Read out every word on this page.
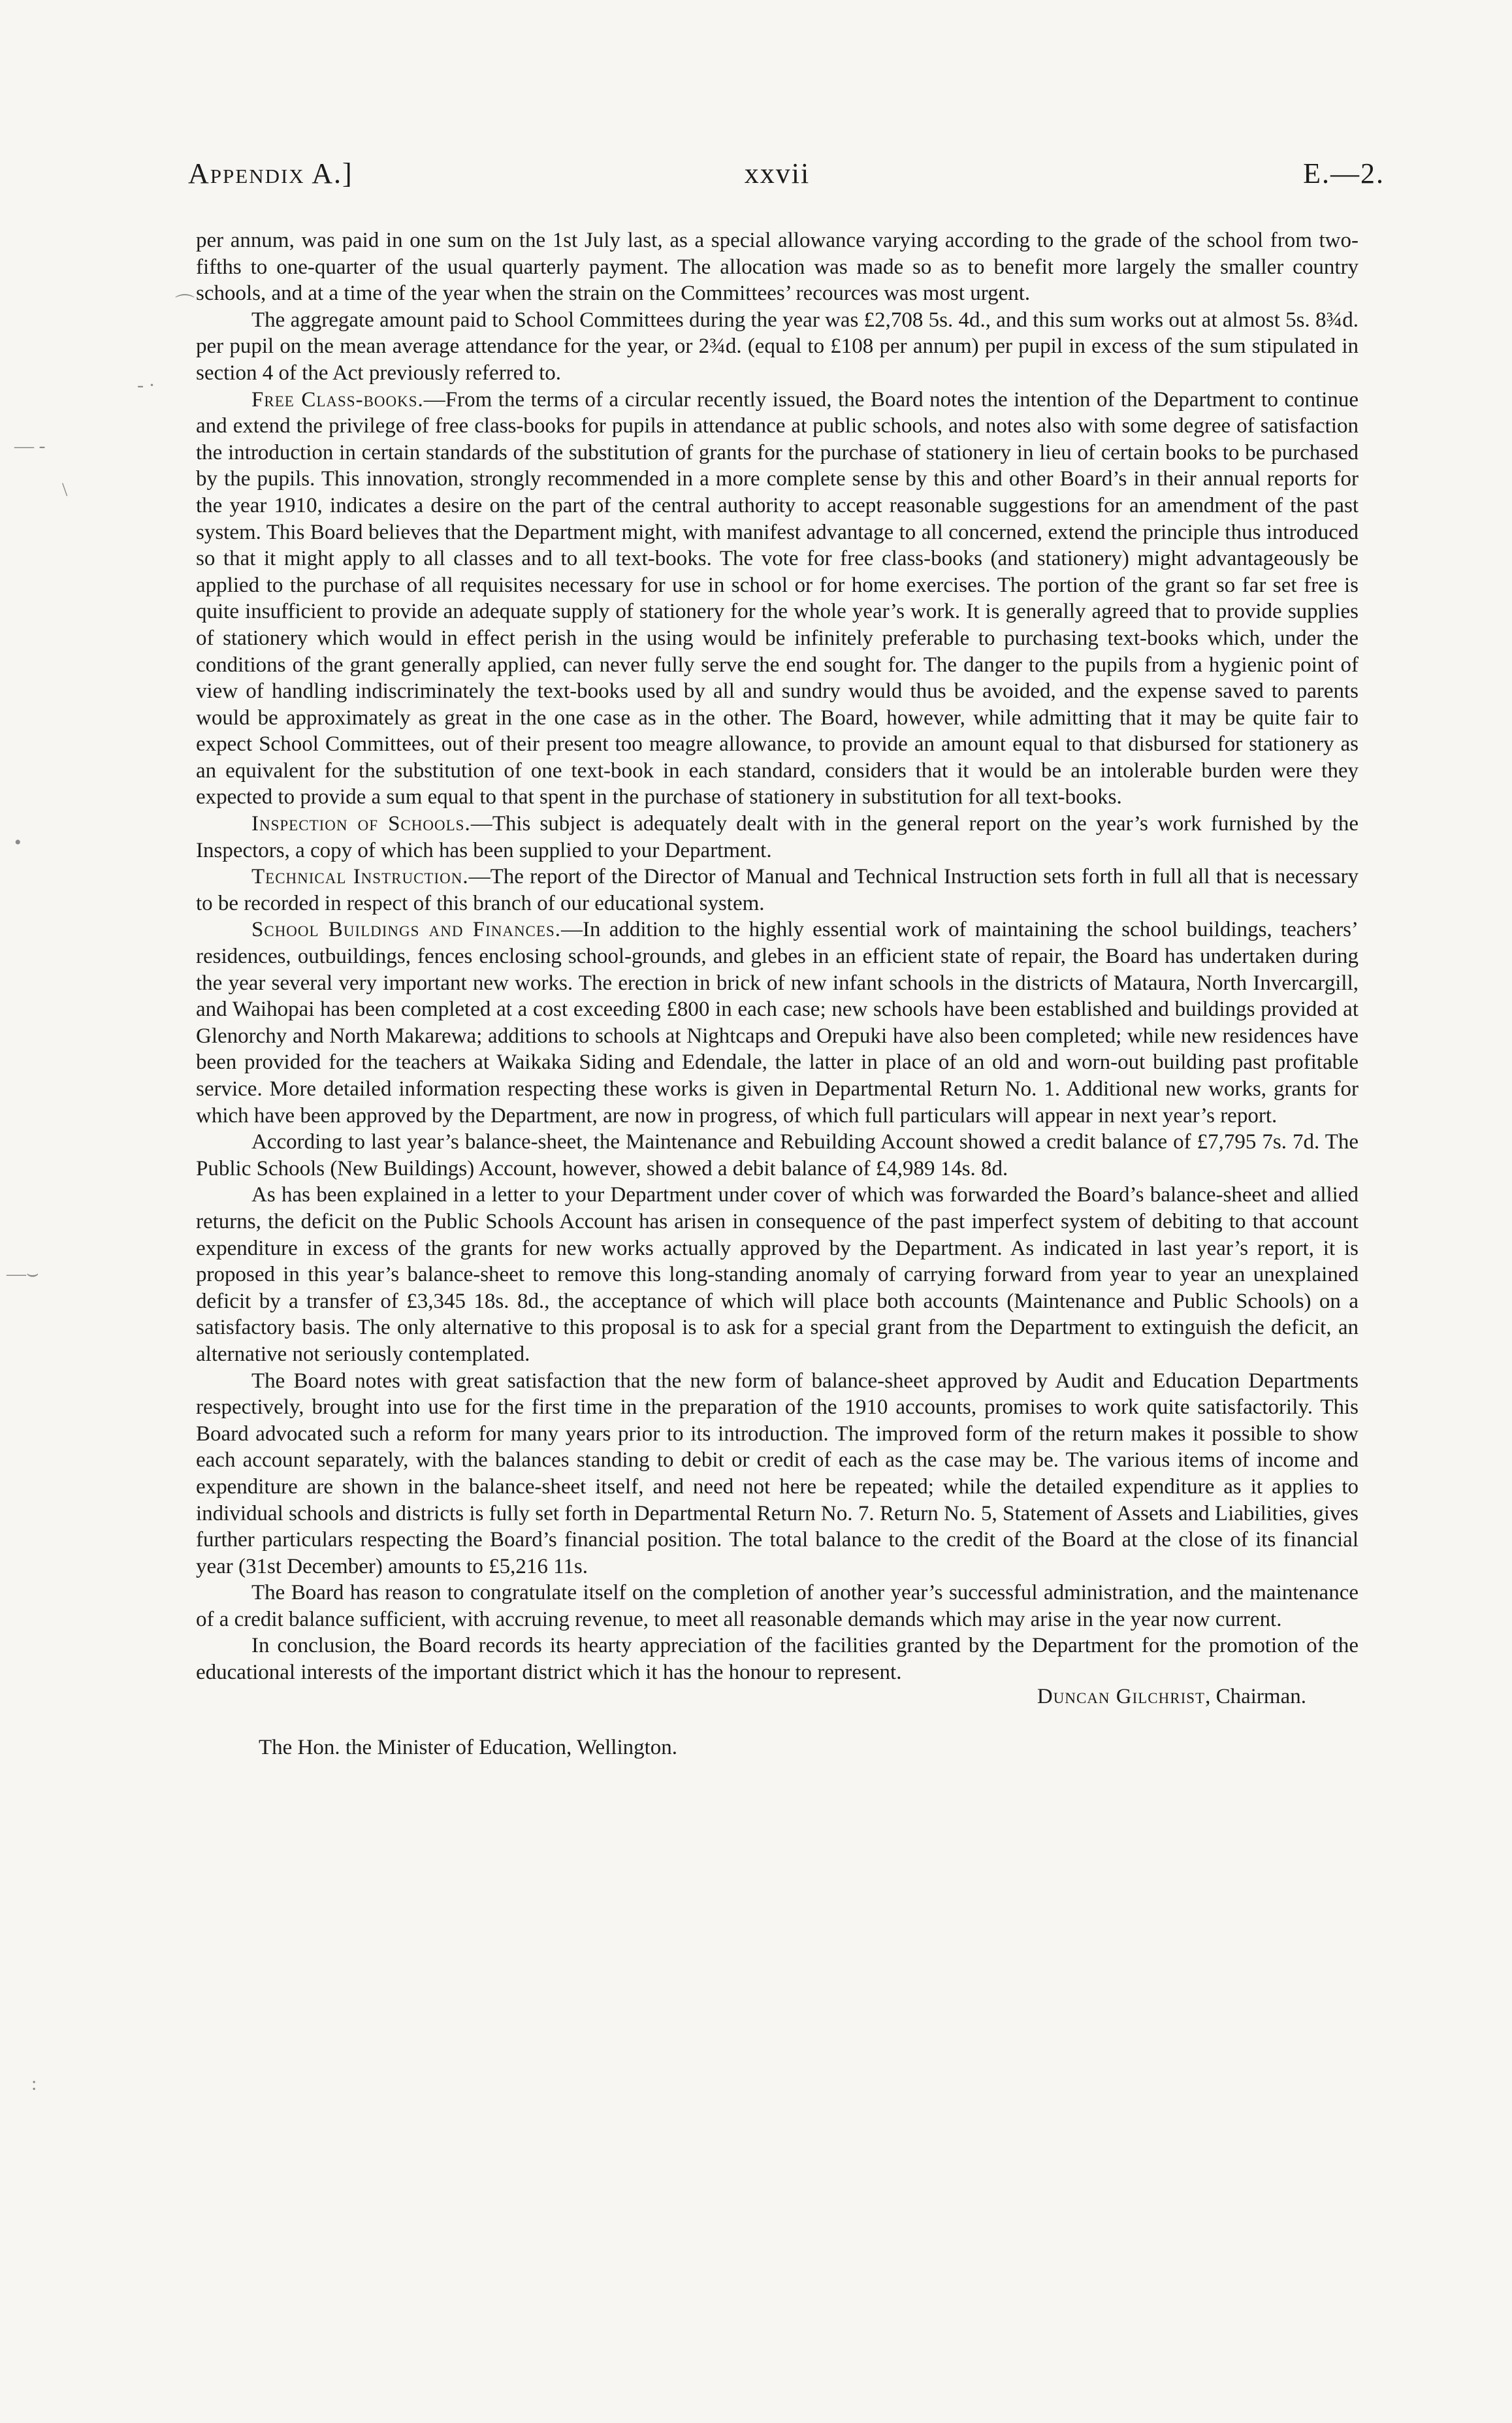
Appendix A.]	xxvii	E.—2.

per annum, was paid in one sum on the 1st July last, as a special allowance varying according to the grade of the school from two-fifths to one-quarter of the usual quarterly payment. The allocation was made so as to benefit more largely the smaller country schools, and at a time of the year when the strain on the Committees’ recources was most urgent.

The aggregate amount paid to School Committees during the year was £2,708 5s. 4d., and this sum works out at almost 5s. 8¾d. per pupil on the mean average attendance for the year, or 2¾d. (equal to £108 per annum) per pupil in excess of the sum stipulated in section 4 of the Act previously referred to.

Free Class-books.—From the terms of a circular recently issued, the Board notes the intention of the Department to continue and extend the privilege of free class-books for pupils in attendance at public schools, and notes also with some degree of satisfaction the introduction in certain standards of the substitution of grants for the purchase of stationery in lieu of certain books to be purchased by the pupils. This innovation, strongly recommended in a more complete sense by this and other Board’s in their annual reports for the year 1910, indicates a desire on the part of the central authority to accept reasonable suggestions for an amendment of the past system. This Board believes that the Department might, with manifest advantage to all concerned, extend the principle thus introduced so that it might apply to all classes and to all text-books. The vote for free class-books (and stationery) might advantageously be applied to the purchase of all requisites necessary for use in school or for home exercises. The portion of the grant so far set free is quite insufficient to provide an adequate supply of stationery for the whole year’s work. It is generally agreed that to provide supplies of stationery which would in effect perish in the using would be infinitely preferable to purchasing text-books which, under the conditions of the grant generally applied, can never fully serve the end sought for. The danger to the pupils from a hygienic point of view of handling indiscriminately the text-books used by all and sundry would thus be avoided, and the expense saved to parents would be approximately as great in the one case as in the other. The Board, however, while admitting that it may be quite fair to expect School Committees, out of their present too meagre allowance, to provide an amount equal to that disbursed for stationery as an equivalent for the substitution of one text-book in each standard, considers that it would be an intolerable burden were they expected to provide a sum equal to that spent in the purchase of stationery in substitution for all text-books.

Inspection of Schools.—This subject is adequately dealt with in the general report on the year’s work furnished by the Inspectors, a copy of which has been supplied to your Department.

Technical Instruction.—The report of the Director of Manual and Technical Instruction sets forth in full all that is necessary to be recorded in respect of this branch of our educational system.

School Buildings and Finances.—In addition to the highly essential work of maintaining the school buildings, teachers’ residences, outbuildings, fences enclosing school-grounds, and glebes in an efficient state of repair, the Board has undertaken during the year several very important new works. The erection in brick of new infant schools in the districts of Mataura, North Invercargill, and Waihopai has been completed at a cost exceeding £800 in each case; new schools have been established and buildings provided at Glenorchy and North Makarewa; additions to schools at Nightcaps and Orepuki have also been completed; while new residences have been provided for the teachers at Waikaka Siding and Edendale, the latter in place of an old and worn-out building past profitable service. More detailed information respecting these works is given in Departmental Return No. 1. Additional new works, grants for which have been approved by the Department, are now in progress, of which full particulars will appear in next year’s report.

According to last year’s balance-sheet, the Maintenance and Rebuilding Account showed a credit balance of £7,795 7s. 7d. The Public Schools (New Buildings) Account, however, showed a debit balance of £4,989 14s. 8d.

As has been explained in a letter to your Department under cover of which was forwarded the Board’s balance-sheet and allied returns, the deficit on the Public Schools Account has arisen in consequence of the past imperfect system of debiting to that account expenditure in excess of the grants for new works actually approved by the Department. As indicated in last year’s report, it is proposed in this year’s balance-sheet to remove this long-standing anomaly of carrying forward from year to year an unexplained deficit by a transfer of £3,345 18s. 8d., the acceptance of which will place both accounts (Maintenance and Public Schools) on a satisfactory basis. The only alternative to this proposal is to ask for a special grant from the Department to extinguish the deficit, an alternative not seriously contemplated.

The Board notes with great satisfaction that the new form of balance-sheet approved by Audit and Education Departments respectively, brought into use for the first time in the preparation of the 1910 accounts, promises to work quite satisfactorily. This Board advocated such a reform for many years prior to its introduction. The improved form of the return makes it possible to show each account separately, with the balances standing to debit or credit of each as the case may be. The various items of income and expenditure are shown in the balance-sheet itself, and need not here be repeated; while the detailed expenditure as it applies to individual schools and districts is fully set forth in Departmental Return No. 7. Return No. 5, Statement of Assets and Liabilities, gives further particulars respecting the Board’s financial position. The total balance to the credit of the Board at the close of its financial year (31st December) amounts to £5,216 11s.

The Board has reason to congratulate itself on the completion of another year’s successful administration, and the maintenance of a credit balance sufficient, with accruing revenue, to meet all reasonable demands which may arise in the year now current.

In conclusion, the Board records its hearty appreciation of the facilities granted by the Department for the promotion of the educational interests of the important district which it has the honour to represent.

Duncan Gilchrist, Chairman.
The Hon. the Minister of Education, Wellington.
⌒
- ·
— -
\
•
—⌣
:
